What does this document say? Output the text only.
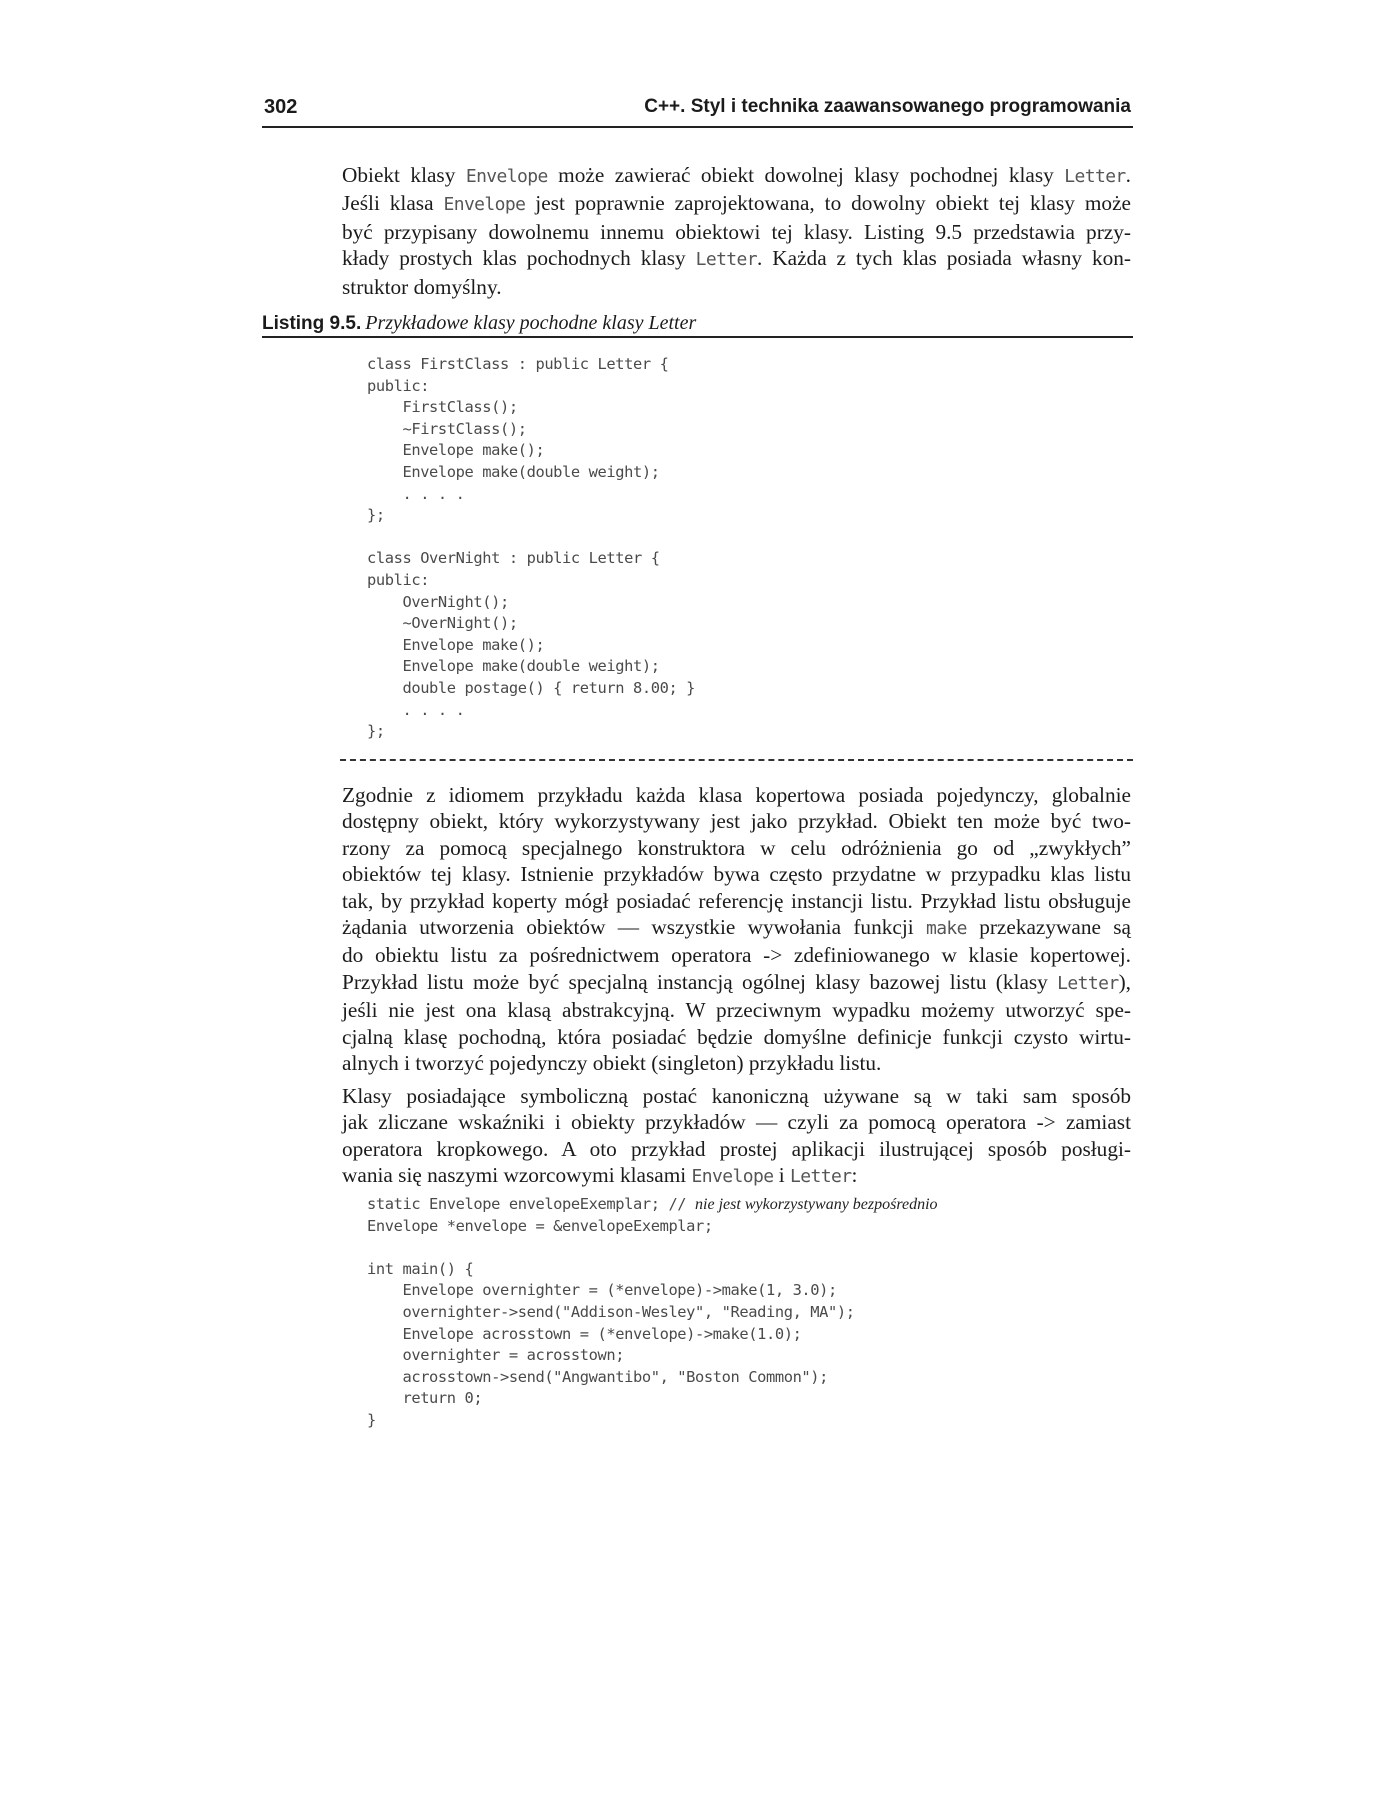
302	C++. Styl i technika zaawansowanego programowania

Obiekt klasy Envelope może zawierać obiekt dowolnej klasy pochodnej klasy Letter.
Jeśli klasa Envelope jest poprawnie zaprojektowana, to dowolny obiekt tej klasy może
być przypisany dowolnemu innemu obiektowi tej klasy. Listing 9.5 przedstawia przy-
kłady prostych klas pochodnych klasy Letter. Każda z tych klas posiada własny kon-
struktor domyślny.

Listing 9.5. Przykładowe klasy pochodne klasy Letter
class FirstClass : public Letter {
public:
FirstClass();
~FirstClass();
Envelope make();
Envelope make(double weight);
. . . .
};
class OverNight : public Letter {
public:
OverNight();
~OverNight();
Envelope make();
Envelope make(double weight);
double postage() { return 8.00; }
. . . .
};

Zgodnie z idiomem przykładu każda klasa kopertowa posiada pojedynczy, globalnie
dostępny obiekt, który wykorzystywany jest jako przykład. Obiekt ten może być two-
rzony za pomocą specjalnego konstruktora w celu odróżnienia go od „zwykłych”
obiektów tej klasy. Istnienie przykładów bywa często przydatne w przypadku klas listu
tak, by przykład koperty mógł posiadać referencję instancji listu. Przykład listu obsługuje
żądania utworzenia obiektów — wszystkie wywołania funkcji make przekazywane są
do obiektu listu za pośrednictwem operatora -> zdefiniowanego w klasie kopertowej.
Przykład listu może być specjalną instancją ogólnej klasy bazowej listu (klasy Letter),
jeśli nie jest ona klasą abstrakcyjną. W przeciwnym wypadku możemy utworzyć spe-
cjalną klasę pochodną, która posiadać będzie domyślne definicje funkcji czysto wirtu-
alnych i tworzyć pojedynczy obiekt (singleton) przykładu listu.

Klasy posiadające symboliczną postać kanoniczną używane są w taki sam sposób
jak zliczane wskaźniki i obiekty przykładów — czyli za pomocą operatora -> zamiast
operatora kropkowego. A oto przykład prostej aplikacji ilustrującej sposób posługi-
wania się naszymi wzorcowymi klasami Envelope i Letter:

static Envelope envelopeExemplar; // nie jest wykorzystywany bezpośrednio
Envelope *envelope = &envelopeExemplar;
int main() {
Envelope overnighter = (*envelope)->make(1, 3.0);
overnighter->send("Addison-Wesley", "Reading, MA");
Envelope acrosstown = (*envelope)->make(1.0);
overnighter = acrosstown;
acrosstown->send("Angwantibo", "Boston Common");
return 0;
}
